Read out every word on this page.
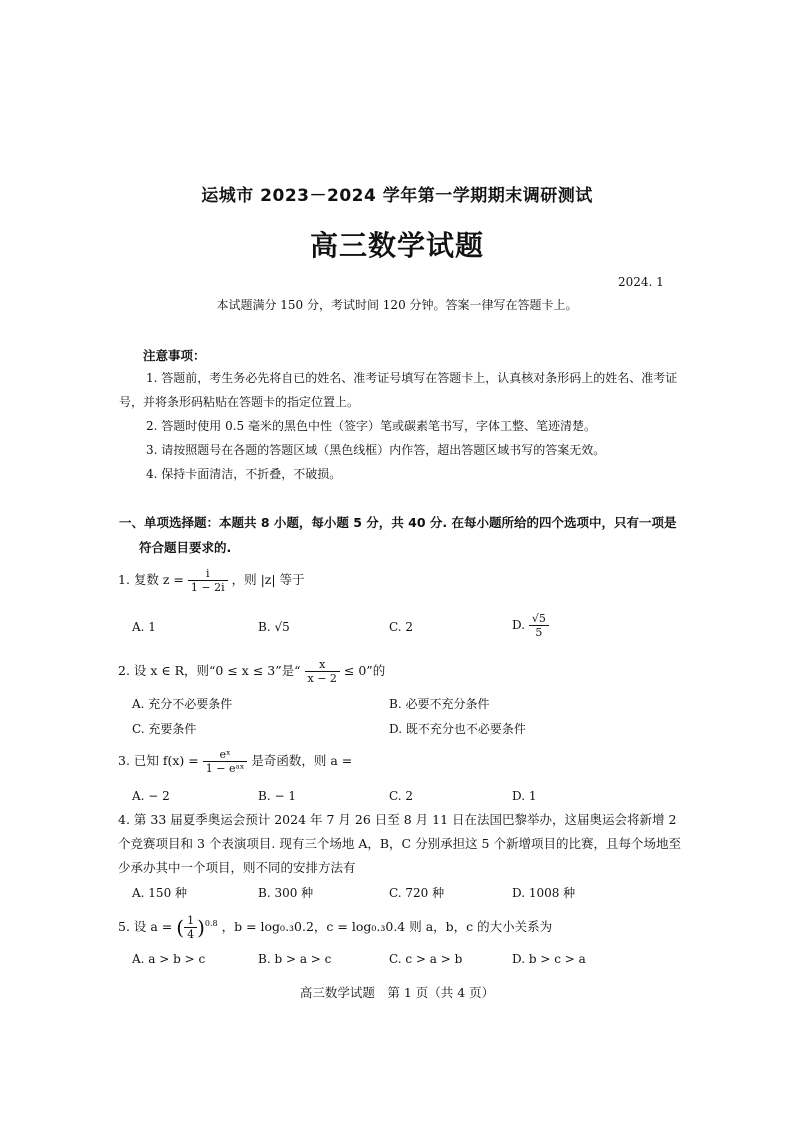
运城市 2023－2024 学年第一学期期末调研测试
高三数学试题
2024. 1
本试题满分 150 分，考试时间 120 分钟。答案一律写在答题卡上。
注意事项：

1. 答题前，考生务必先将自已的姓名、准考证号填写在答题卡上，认真核对条形码上的姓名、准考证号，并将条形码粘贴在答题卡的指定位置上。

2. 答题时使用 0.5 毫米的黑色中性（签字）笔或碳素笔书写，字体工整、笔迹清楚。

3. 请按照题号在各题的答题区域（黑色线框）内作答，超出答题区域书写的答案无效。

4. 保持卡面清洁，不折叠，不破损。

一、单项选择题：本题共 8 小题，每小题 5 分，共 40 分. 在每小题所给的四个选项中，只有一项是
符合题目要求的.
1. 复数 $z = \frac{i}{1 - 2i}$ ，则 |z| 等于
A. 1	B. √5	C. 2	D. $\frac{√5}{5}$
2. 设 x ∈ R，则“0 ≤ x ≤ 3”是“ $\frac{x}{x - 2} \le 0$”的
A. 充分不必要条件	B. 必要不充分条件
C. 充要条件	D. 既不充分也不必要条件
3. 已知 $f(x) = \frac{\text{eˣ}}{\text{1 − eᵃˣ}}$ 是奇函数，则 a =
A. − 2	B. − 1	C. 2	D. 1
4. 第 33 届夏季奥运会预计 2024 年 7 月 26 日至 8 月 11 日在法国巴黎举办，这届奥运会将新增 2 个竞赛项目和 3 个表演项目. 现有三个场地 A，B，C 分别承担这 5 个新增项目的比赛，且每个场地至少承办其中一个项目，则不同的安排方法有
A. 150 种	B. 300 种	C. 720 种	D. 1008 种
5. 设 a = ( $\frac{1}{4} )^{0.8}$ ，b = log₀.₃0.2，c = log₀.₃0.4 则 a，b，c 的大小关系为
A. a > b > c	B. b > a > c	C. c > a > b	D. b > c > a
高三数学试题　第 1 页（共 4 页）
